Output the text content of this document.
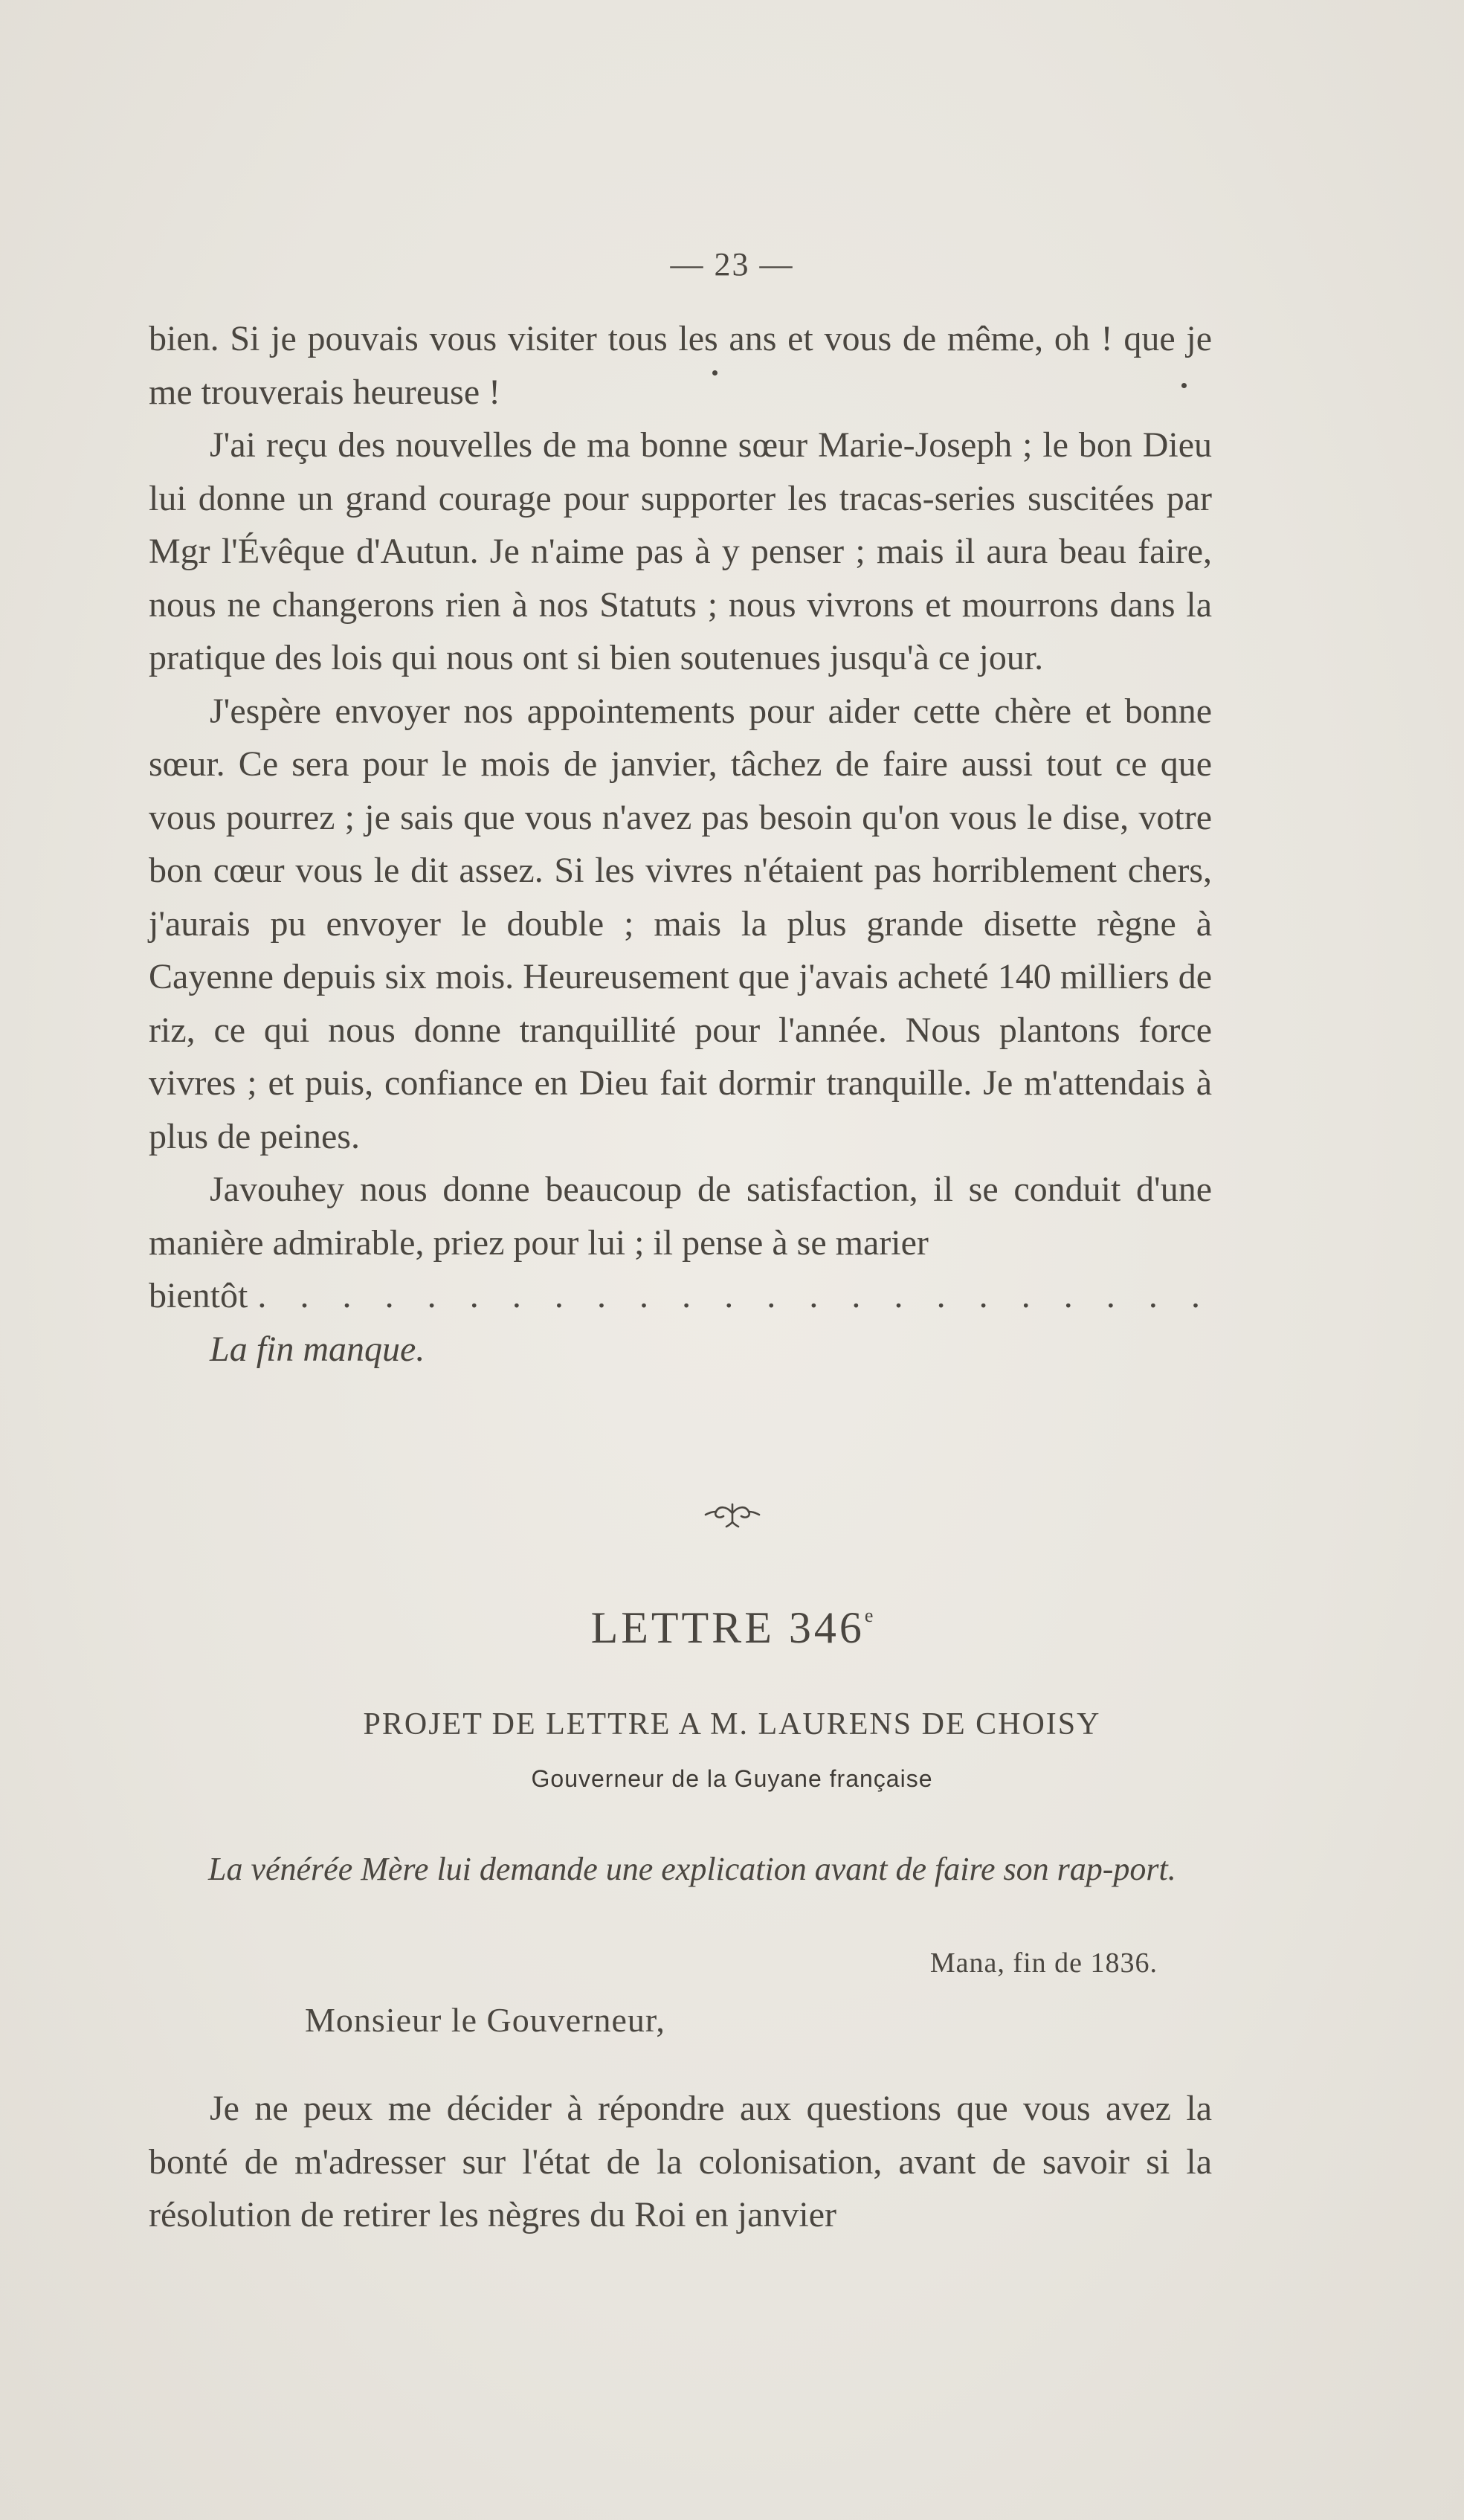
— 23 —

bien. Si je pouvais vous visiter tous les ans et vous de même, oh ! que je me trouverais heureuse !

J'ai reçu des nouvelles de ma bonne sœur Marie-Joseph ; le bon Dieu lui donne un grand courage pour supporter les tracas-series suscitées par Mgr l'Évêque d'Autun. Je n'aime pas à y penser ; mais il aura beau faire, nous ne changerons rien à nos Statuts ; nous vivrons et mourrons dans la pratique des lois qui nous ont si bien soutenues jusqu'à ce jour.

J'espère envoyer nos appointements pour aider cette chère et bonne sœur. Ce sera pour le mois de janvier, tâchez de faire aussi tout ce que vous pourrez ; je sais que vous n'avez pas besoin qu'on vous le dise, votre bon cœur vous le dit assez. Si les vivres n'étaient pas horriblement chers, j'aurais pu envoyer le double ; mais la plus grande disette règne à Cayenne depuis six mois. Heureusement que j'avais acheté 140 milliers de riz, ce qui nous donne tranquillité pour l'année. Nous plantons force vivres ; et puis, confiance en Dieu fait dormir tranquille. Je m'attendais à plus de peines.

Javouhey nous donne beaucoup de satisfaction, il se conduit d'une manière admirable, priez pour lui ; il pense à se marier

bientôt . . . . . . . . . . . . . . . . . . . . . . .

La fin manque.

LETTRE 346e
PROJET DE LETTRE A M. LAURENS DE CHOISY
Gouverneur de la Guyane française
La vénérée Mère lui demande une explication avant de faire son rap-port.
Mana, fin de 1836.
Monsieur le Gouverneur,

Je ne peux me décider à répondre aux questions que vous avez la bonté de m'adresser sur l'état de la colonisation, avant de savoir si la résolution de retirer les nègres du Roi en janvier
